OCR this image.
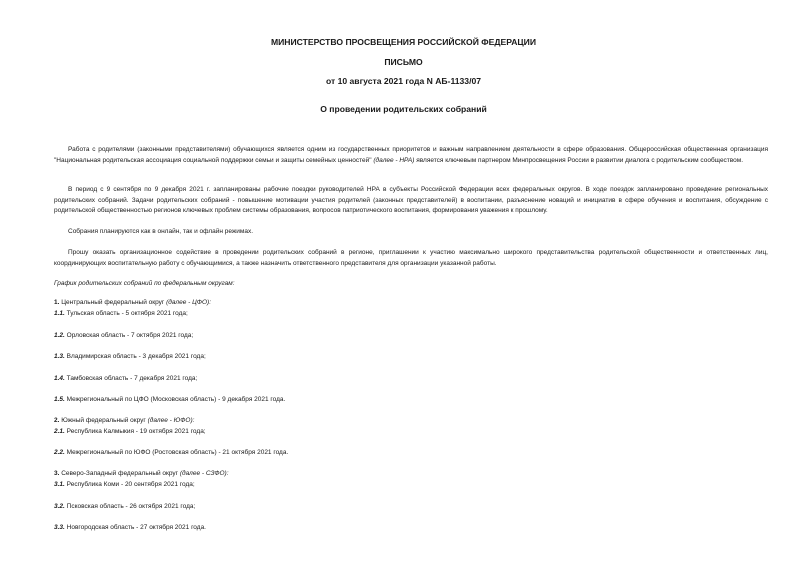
МИНИСТЕРСТВО ПРОСВЕЩЕНИЯ РОССИЙСКОЙ ФЕДЕРАЦИИ
ПИСЬМО
от 10 августа 2021 года N АБ-1133/07
О проведении родительских собраний
Работа с родителями (законными представителями) обучающихся является одним из государственных приоритетов и важным направлением деятельности в сфере образования. Общероссийская общественная организация "Национальная родительская ассоциация социальной поддержки семьи и защиты семейных ценностей" (далее - НРА) является ключевым партнером Минпросвещения России в развитии диалога с родительским сообществом.
В период с 9 сентября по 9 декабря 2021 г. запланированы рабочие поездки руководителей НРА в субъекты Российской Федерации всех федеральных округов. В ходе поездок запланировано проведение региональных родительских собраний. Задачи родительских собраний - повышение мотивации участия родителей (законных представителей) в воспитании, разъяснение новаций и инициатив в сфере обучения и воспитания, обсуждение с родительской общественностью регионов ключевых проблем системы образования, вопросов патриотического воспитания, формирования уважения к прошлому.
Собрания планируются как в онлайн, так и офлайн режимах.
Прошу оказать организационное содействие в проведении родительских собраний в регионе, приглашении к участию максимально широкого представительства родительской общественности и ответственных лиц, координирующих воспитательную работу с обучающимися, а также назначить ответственного представителя для организации указанной работы.
График родительских собраний по федеральным округам:
1. Центральный федеральный округ (далее - ЦФО):
1.1. Тульская область - 5 октября 2021 года;
1.2. Орловская область - 7 октября 2021 года;
1.3. Владимирская область - 3 декабря 2021 года;
1.4. Тамбовская область - 7 декабря 2021 года;
1.5. Межрегиональный по ЦФО (Московская область) - 9 декабря 2021 года.
2. Южный федеральный округ (далее - ЮФО):
2.1. Республика Калмыкия - 19 октября 2021 года;
2.2. Межрегиональный по ЮФО (Ростовская область) - 21 октября 2021 года.
3. Северо-Западный федеральный округ (далее - СЗФО):
3.1. Республика Коми - 20 сентября 2021 года;
3.2. Псковская область - 26 октября 2021 года;
3.3. Новгородская область - 27 октября 2021 года.
